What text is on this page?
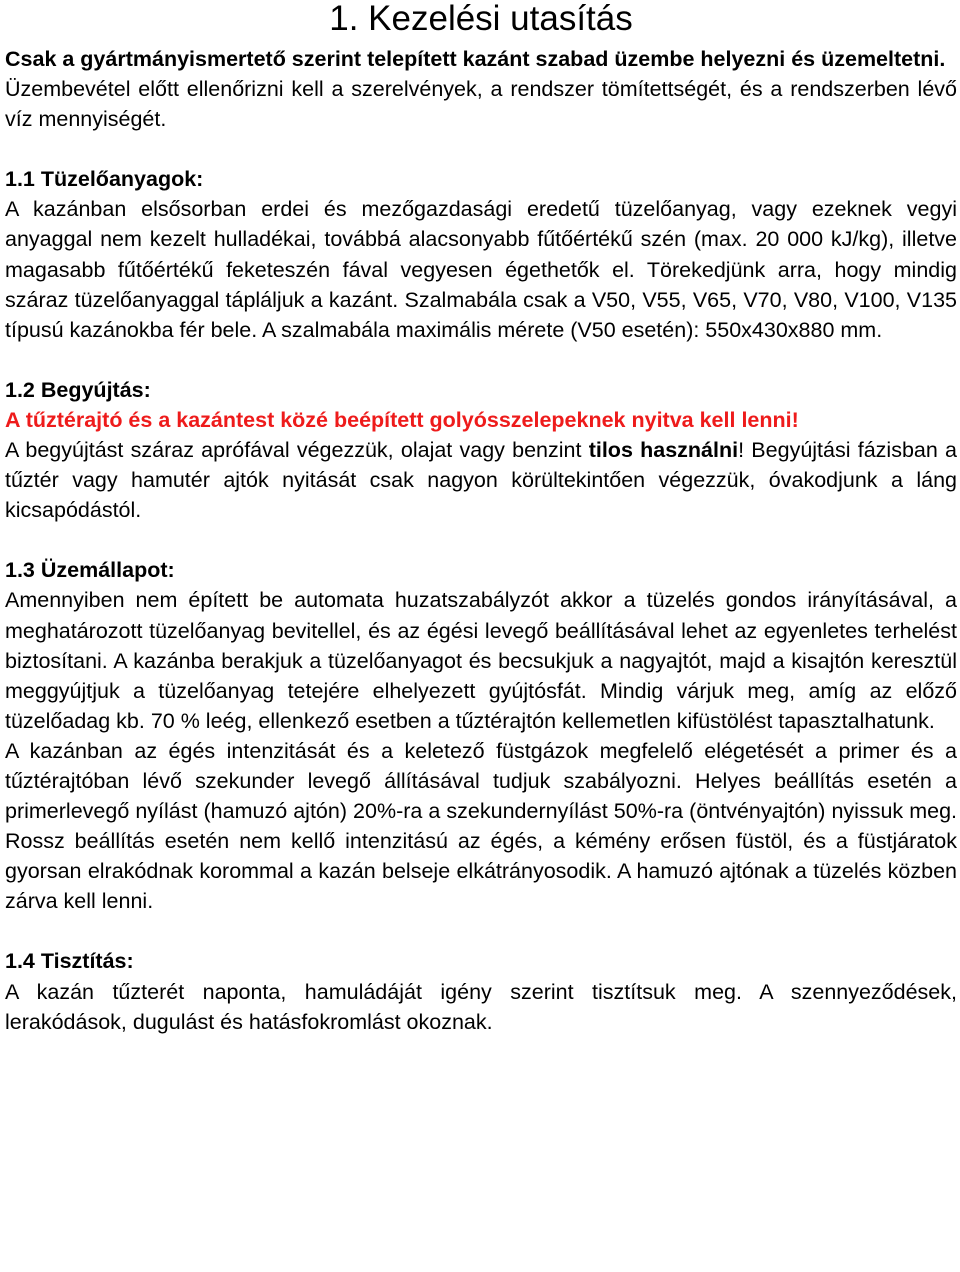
1. Kezelési utasítás

Csak a gyártmányismertető szerint telepített kazánt szabad üzembe helyezni és üzemeltetni.

Üzembevétel előtt ellenőrizni kell a szerelvények, a rendszer tömítettségét, és a rendszerben lévő víz mennyiségét.

1.1 Tüzelőanyagok:

A kazánban elsősorban erdei és mezőgazdasági eredetű tüzelőanyag, vagy ezeknek vegyi anyaggal nem kezelt hulladékai, továbbá alacsonyabb fűtőértékű szén (max. 20 000 kJ/kg), illetve magasabb fűtőértékű feketeszén fával vegyesen égethetők el. Törekedjünk arra, hogy mindig száraz tüzelőanyaggal tápláljuk a kazánt. Szalmabála csak a V50, V55, V65, V70, V80, V100, V135 típusú kazánokba fér bele. A szalmabála maximális mérete (V50 esetén): 550x430x880 mm.

1.2 Begyújtás:

A tűztérajtó és a kazántest közé beépített golyósszelepeknek nyitva kell lenni!

A begyújtást száraz aprófával végezzük, olajat vagy benzint tilos használni! Begyújtási fázisban a tűztér vagy hamutér ajtók nyitását csak nagyon körültekintően végezzük, óvakodjunk a láng kicsapódástól.

1.3 Üzemállapot:

Amennyiben nem épített be automata huzatszabályzót akkor a tüzelés gondos irányításával, a meghatározott tüzelőanyag bevitellel, és az égési levegő beállításával lehet az egyenletes terhelést biztosítani. A kazánba berakjuk a tüzelőanyagot és becsukjuk a nagyajtót, majd a kisajtón keresztül meggyújtjuk a tüzelőanyag tetejére elhelyezett gyújtósfát. Mindig várjuk meg, amíg az előző tüzelőadag kb. 70 % leég, ellenkező esetben a tűztérajtón kellemetlen kifüstölést tapasztalhatunk.

A kazánban az égés intenzitását és a keletező füstgázok megfelelő elégetését a primer és a tűztérajtóban lévő szekunder levegő állításával tudjuk szabályozni. Helyes beállítás esetén a primerlevegő nyílást (hamuzó ajtón) 20%-ra a szekundernyílást 50%-ra (öntvényajtón) nyissuk meg. Rossz beállítás esetén nem kellő intenzitású az égés, a kémény erősen füstöl, és a füstjáratok gyorsan elrakódnak korommal a kazán belseje elkátrányosodik. A hamuzó ajtónak a tüzelés közben zárva kell lenni.

1.4 Tisztítás:

A kazán tűzterét naponta, hamuládáját igény szerint tisztítsuk meg. A szennyeződések, lerakódások, dugulást és hatásfokromlást okoznak.
